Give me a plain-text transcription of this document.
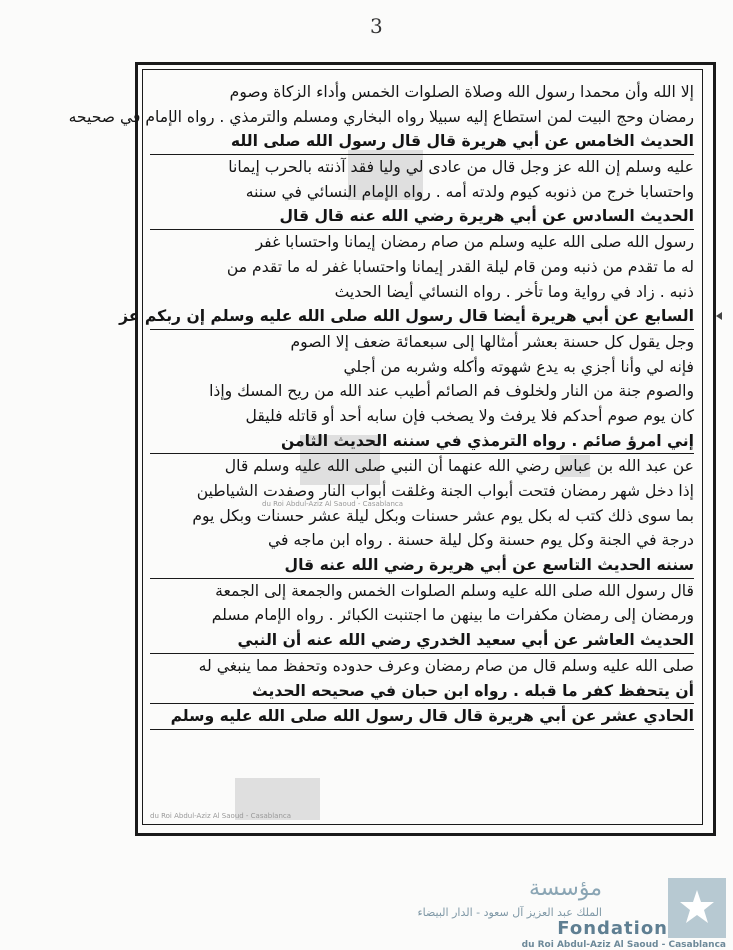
3
du Roi Abdul-Aziz Al Saoud - Casablanca
du Roi Abdul-Aziz Al Saoud - Casablanca
إلا الله وأن محمدا رسول الله وصلاة الصلوات الخمس وأداء الزكاة وصوم
رمضان وحج البيت لمن استطاع إليه سبيلا رواه البخاري ومسلم والترمذي . رواه الإمام في صحيحه
الحديث الخامس عن أبي هريرة قال قال رسول الله صلى الله
عليه وسلم إن الله عز وجل قال من عادى لي وليا فقد آذنته بالحرب إيمانا
واحتسابا خرج من ذنوبه كيوم ولدته أمه . رواه الإمام النسائي في سننه
الحديث السادس عن أبي هريرة رضي الله عنه قال قال
رسول الله صلى الله عليه وسلم من صام رمضان إيمانا واحتسابا غفر
له ما تقدم من ذنبه ومن قام ليلة القدر إيمانا واحتسابا غفر له ما تقدم من
ذنبه . زاد في رواية وما تأخر . رواه النسائي أيضا الحديث
السابع عن أبي هريرة أيضا قال رسول الله صلى الله عليه وسلم إن ربكم عز
وجل يقول كل حسنة بعشر أمثالها إلى سبعمائة ضعف إلا الصوم
فإنه لي وأنا أجزي به يدع شهوته وأكله وشربه من أجلي
والصوم جنة من النار ولخلوف فم الصائم أطيب عند الله من ريح المسك وإذا
كان يوم صوم أحدكم فلا يرفث ولا يصخب فإن سابه أحد أو قاتله فليقل
إني امرؤ صائم . رواه الترمذي في سننه الحديث الثامن
عن عبد الله بن عباس رضي الله عنهما أن النبي صلى الله عليه وسلم قال
إذا دخل شهر رمضان فتحت أبواب الجنة وغلقت أبواب النار وصفدت الشياطين
بما سوى ذلك كتب له بكل يوم عشر حسنات وبكل ليلة عشر حسنات وبكل يوم
درجة في الجنة وكل يوم حسنة وكل ليلة حسنة . رواه ابن ماجه في
سننه الحديث التاسع عن أبي هريرة رضي الله عنه قال
قال رسول الله صلى الله عليه وسلم الصلوات الخمس والجمعة إلى الجمعة
ورمضان إلى رمضان مكفرات ما بينهن ما اجتنبت الكبائر . رواه الإمام مسلم
الحديث العاشر عن أبي سعيد الخدري رضي الله عنه أن النبي
صلى الله عليه وسلم قال من صام رمضان وعرف حدوده وتحفظ مما ينبغي له
أن يتحفظ كفر ما قبله . رواه ابن حبان في صحيحه الحديث
الحادي عشر عن أبي هريرة قال قال رسول الله صلى الله عليه وسلم
مؤسسة
الملك عبد العزيز آل سعود - الدار البيضاء
Fondation
du Roi Abdul-Aziz Al Saoud - Casablanca
